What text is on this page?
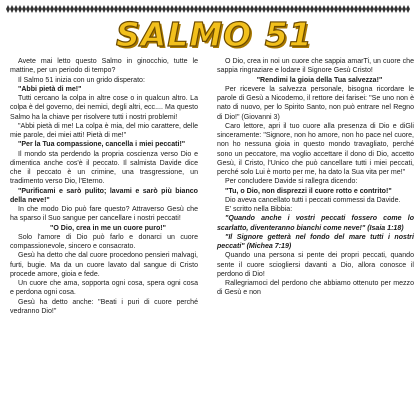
SALMO 51

Avete mai letto questo Salmo in ginocchio, tutte le mattine, per un periodo di tempo?

Il Salmo 51 inizia con un grido disperato:

"Abbi pietà di me!"

Tutti cercano la colpa in altre cose o in qualcun altro. La colpa è del governo, dei nemici, degli altri, ecc.... Ma questo Salmo ha la chiave per risolvere tutti i nostri problemi!

"Abbi pietà di me! La colpa è mia, del mio carattere, delle mie parole, dei miei atti! Pietà di me!"

"Per la Tua compassione, cancella i miei peccati!"

Il mondo sta perdendo la propria coscienza verso Dio e dimentica anche cos'è il peccato. Il salmista Davide dice che il peccato è un crimine, una trasgressione, un tradimento verso Dio, l'Eterno.

"Purificami e sarò pulito; lavami e sarò più bianco della neve!"

In che modo Dio può fare questo? Attraverso Gesù che ha sparso il Suo sangue per cancellare i nostri peccati!

"O Dio, crea in me un cuore puro!"

Solo l'amore di Dio può farlo e donarci un cuore compassionevole, sincero e consacrato.

Gesù ha detto che dal cuore procedono pensieri malvagi, furti, bugie. Ma da un cuore lavato dal sangue di Cristo procede amore, gioia e fede.

Un cuore che ama, sopporta ogni cosa, spera ogni cosa e perdona ogni cosa.

Gesù ha detto anche: "Beati i puri di cuore perché vedranno Dio!"

O Dio, crea in noi un cuore che sappia amarTi, un cuore che sappia ringraziare e lodare il Signore Gesù Cristo!

"Rendimi la gioia della Tua salvezza!"

Per ricevere la salvezza personale, bisogna ricordare le parole di Gesù a Nicodemo, il rettore dei farisei: "Se uno non è nato di nuovo, per lo Spirito Santo, non può entrare nel Regno di Dio!" (Giovanni 3)

Caro lettore, apri il tuo cuore alla presenza di Dio e diGli sinceramente: "Signore, non ho amore, non ho pace nel cuore, non ho nessuna gioia in questo mondo travagliato, perché sono un peccatore, ma voglio accettare il dono di Dio, accetto Gesù, il Cristo, l'Unico che può cancellare tutti i miei peccati, perché solo Lui è morto per me, ha dato la Sua vita per me!"

Per concludere Davide si rallegra dicendo:

"Tu, o Dio, non disprezzi il cuore rotto e contrito!"

Dio aveva cancellato tutti i peccati commessi da Davide.

E' scritto nella Bibbia:

"Quando anche i vostri peccati fossero come lo scarlatto, diventeranno bianchi come neve!" (Isaia 1:18)

"Il Signore getterà nel fondo del mare tutti i nostri peccati" (Michea 7:19)

Quando una persona si pente dei propri peccati, quando sente il cuore sciogliersi davanti a Dio, allora conosce il perdono di Dio!

Rallegriamoci del perdono che abbiamo ottenuto per mezzo di Gesù e non
